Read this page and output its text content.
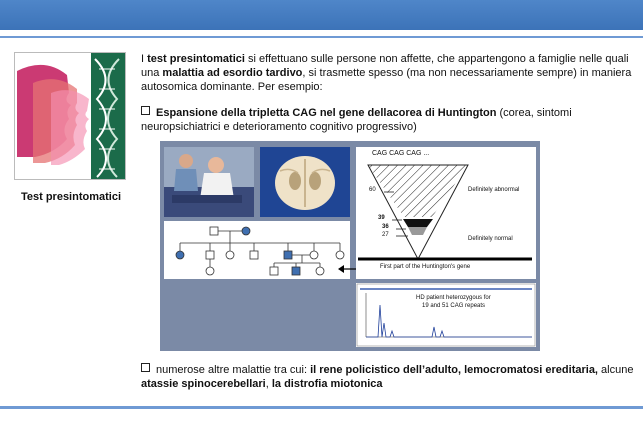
Test presintomatici
I test presintomatici si effettuano sulle persone non affette, che appartengono a famiglie nelle quali una malattia ad esordio tardivo, si trasmette spesso (ma non necessariamente sempre) in maniera autosomica dominante. Per esempio:
Espansione della tripletta CAG nel gene dellacorea di Huntington (corea, sintomi neuropsichiatrici e deterioramento cognitivo progressivo)
CAG CAG CAG ...
60
39
36
27
Definitely abnormal
Definitely normal
First part of the Huntington's gene
HD patient heterozygous for
19 and 51 CAG repeats
numerose altre malattie tra cui: il rene policistico dell’adulto, lemocromatosi ereditaria, alcune atassie spinocerebellari, la distrofia miotonica
